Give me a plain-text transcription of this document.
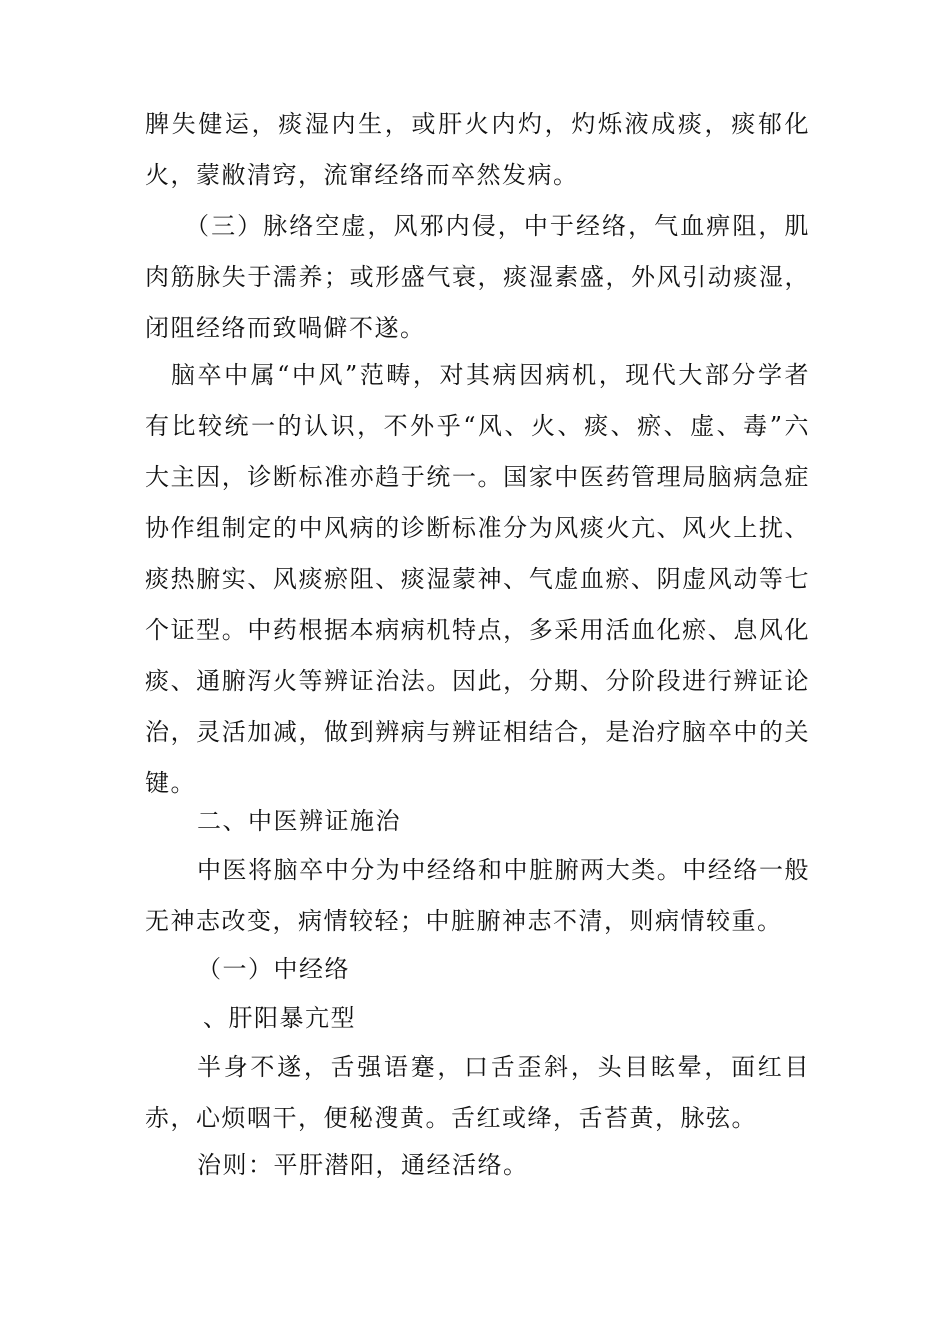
脾失健运，痰湿内生，或肝火内灼，灼烁液成痰，痰郁化火，蒙敝清窍，流窜经络而卒然发病。

（三）脉络空虚，风邪内侵，中于经络，气血痹阻，肌肉筋脉失于濡养；或形盛气衰，痰湿素盛，外风引动痰湿，闭阻经络而致喎僻不遂。

脑卒中属“中风”范畴，对其病因病机，现代大部分学者有比较统一的认识，不外乎“风、火、痰、瘀、虚、毒”六大主因，诊断标准亦趋于统一。国家中医药管理局脑病急症协作组制定的中风病的诊断标准分为风痰火亢、风火上扰、痰热腑实、风痰瘀阻、痰湿蒙神、气虚血瘀、阴虚风动等七个证型。中药根据本病病机特点，多采用活血化瘀、息风化痰、通腑泻火等辨证治法。因此，分期、分阶段进行辨证论治，灵活加减，做到辨病与辨证相结合，是治疗脑卒中的关键。

二、中医辨证施治

中医将脑卒中分为中经络和中脏腑两大类。中经络一般无神志改变，病情较轻；中脏腑神志不清，则病情较重。

（一）中经络

、肝阳暴亢型

半身不遂，舌强语蹇，口舌歪斜，头目眩晕，面红目赤，心烦咽干，便秘溲黄。舌红或绛，舌苔黄，脉弦。

治则：平肝潜阳，通经活络。
